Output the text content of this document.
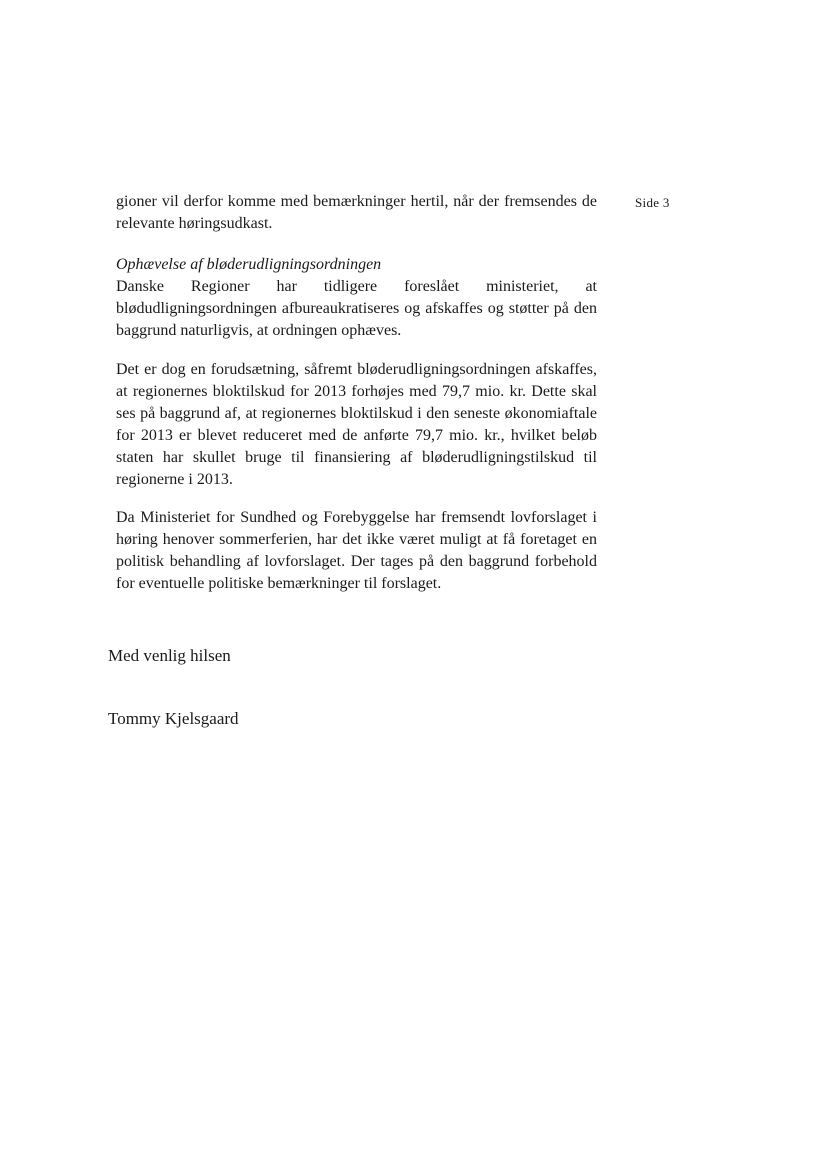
Side 3

gioner vil derfor komme med bemærkninger hertil, når der fremsendes de relevante høringsudkast.

Ophævelse af bløderudligningsordningen

Danske Regioner har tidligere foreslået ministeriet, at blødudligningsordningen afbureaukratiseres og afskaffes og støtter på den baggrund naturligvis, at ordningen ophæves.

Det er dog en forudsætning, såfremt bløderudligningsordningen afskaffes, at regionernes bloktilskud for 2013 forhøjes med 79,7 mio. kr. Dette skal ses på baggrund af, at regionernes bloktilskud i den seneste økonomiaftale for 2013 er blevet reduceret med de anførte 79,7 mio. kr., hvilket beløb staten har skullet bruge til finansiering af bløderudligningstilskud til regionerne i 2013.

Da Ministeriet for Sundhed og Forebyggelse har fremsendt lovforslaget i høring henover sommerferien, har det ikke været muligt at få foretaget en politisk behandling af lovforslaget. Der tages på den baggrund forbehold for eventuelle politiske bemærkninger til forslaget.

Med venlig hilsen

Tommy Kjelsgaard
